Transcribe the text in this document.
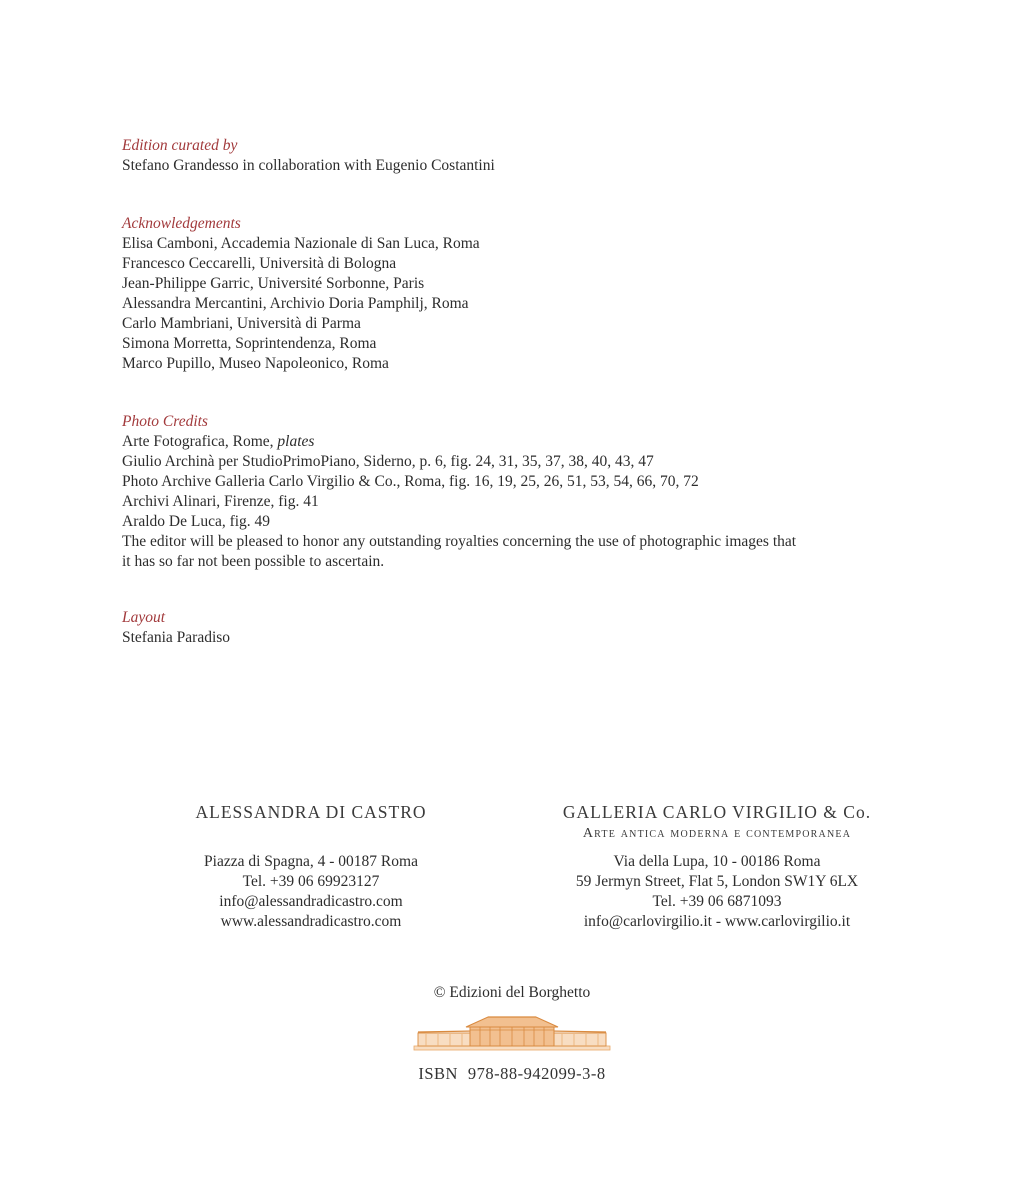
Edition curated by
Stefano Grandesso in collaboration with Eugenio Costantini
Acknowledgements
Elisa Camboni, Accademia Nazionale di San Luca, Roma
Francesco Ceccarelli, Università di Bologna
Jean-Philippe Garric, Université Sorbonne, Paris
Alessandra Mercantini, Archivio Doria Pamphilj, Roma
Carlo Mambriani, Università di Parma
Simona Morretta, Soprintendenza, Roma
Marco Pupillo, Museo Napoleonico, Roma
Photo Credits
Arte Fotografica, Rome, plates
Giulio Archinà per StudioPrimoPiano, Siderno, p. 6, fig. 24, 31, 35, 37, 38, 40, 43, 47
Photo Archive Galleria Carlo Virgilio & Co., Roma, fig. 16, 19, 25, 26, 51, 53, 54, 66, 70, 72
Archivi Alinari, Firenze, fig. 41
Araldo De Luca, fig. 49
The editor will be pleased to honor any outstanding royalties concerning the use of photographic images that it has so far not been possible to ascertain.
Layout
Stefania Paradiso
ALESSANDRA DI CASTRO
Piazza di Spagna, 4 - 00187 Roma
Tel. +39 06 69923127
info@alessandradicastro.com
www.alessandradicastro.com
GALLERIA CARLO VIRGILIO & Co.
Arte antica moderna e contemporanea
Via della Lupa, 10 - 00186 Roma
59 Jermyn Street, Flat 5, London SW1Y 6LX
Tel. +39 06 6871093
info@carlovirgilio.it - www.carlovirgilio.it
© Edizioni del Borghetto
ISBN 978-88-942099-3-8
